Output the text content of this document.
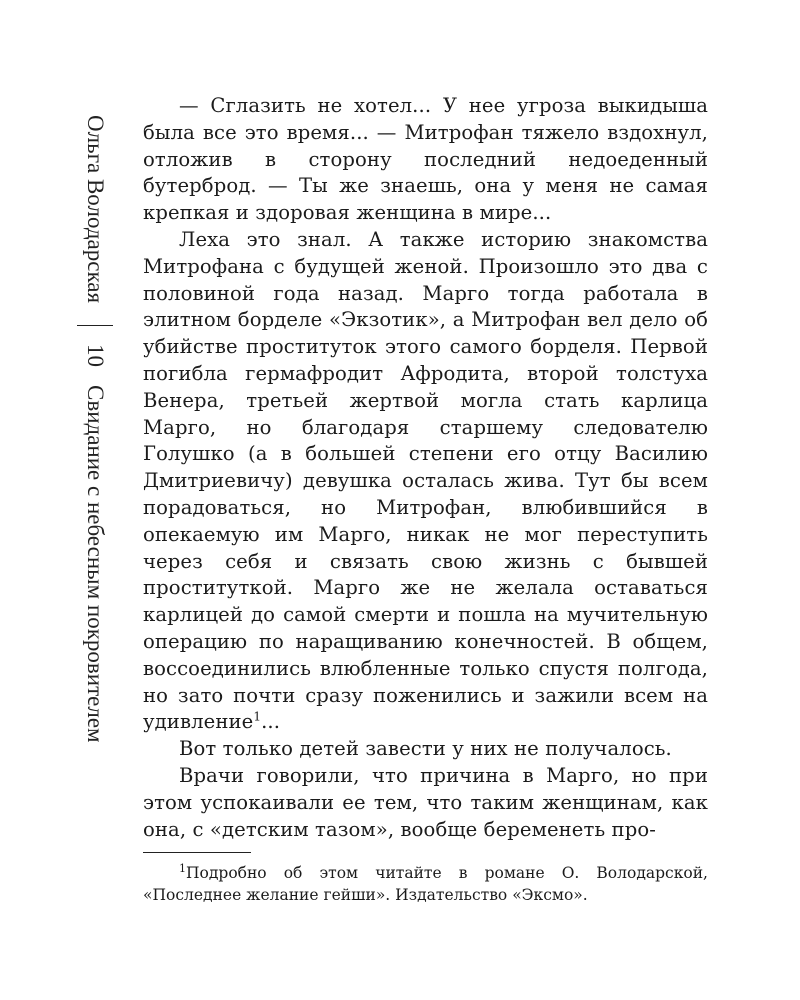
Ольга Володарская
10
Свидание с небесным покровителем

— Сглазить не хотел... У нее угроза выкидыша была все это время... — Митрофан тяжело вздохнул, отложив в сторону последний недоеденный бутерброд. — Ты же знаешь, она у меня не самая крепкая и здоровая женщина в мире...

Леха это знал. А также историю знакомства Митрофана с будущей женой. Произошло это два с половиной года назад. Марго тогда работала в элитном борделе «Экзотик», а Митрофан вел дело об убийстве проституток этого самого борделя. Первой погибла гермафродит Афродита, второй толстуха Венера, третьей жертвой могла стать карлица Марго, но благодаря старшему следователю Голушко (а в большей степени его отцу Василию Дмитриевичу) девушка осталась жива. Тут бы всем порадоваться, но Митрофан, влюбившийся в опекаемую им Марго, никак не мог переступить через себя и связать свою жизнь с бывшей проституткой. Марго же не желала оставаться карлицей до самой смерти и пошла на мучительную операцию по наращиванию конечностей. В общем, воссоединились влюбленные только спустя полгода, но зато почти сразу поженились и зажили всем на удивление$^1$...

Вот только детей завести у них не получалось.

Врачи говорили, что причина в Марго, но при этом успокаивали ее тем, что таким женщинам, как она, с «детским тазом», вообще беременеть про-

$^1$Подробно об этом читайте в романе О. Володарской, «Последнее желание гейши». Издательство «Эксмо».
